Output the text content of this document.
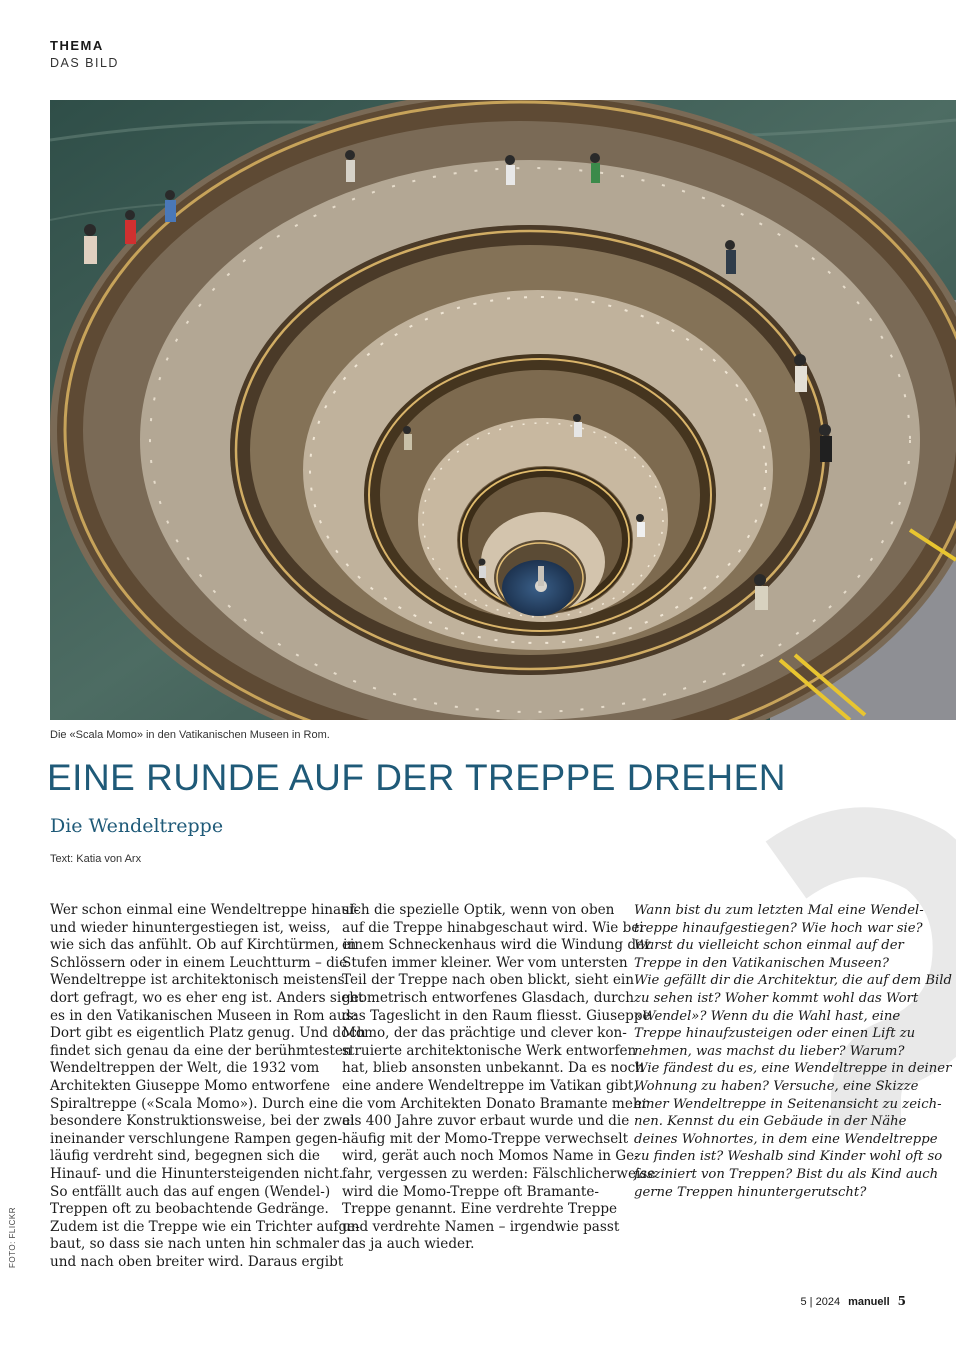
THEMA
DAS BILD
Die «Scala Momo» in den Vatikanischen Museen in Rom.
EINE RUNDE AUF DER TREPPE DREHEN
Die Wendeltreppe
Text: Katia von Arx
Wer schon einmal eine Wendeltreppe hinauf-
und wieder hinuntergestiegen ist, weiss,
wie sich das anfühlt. Ob auf Kirchtürmen, in
Schlössern oder in einem Leuchtturm – die
Wendeltreppe ist architektonisch meistens
dort gefragt, wo es eher eng ist. Anders sieht
es in den Vatikanischen Museen in Rom aus:
Dort gibt es eigentlich Platz genug. Und doch
findet sich genau da eine der berühmtesten
Wendeltreppen der Welt, die 1932 vom
Architekten Giuseppe Momo entworfene
Spiraltreppe («Scala Momo»). Durch eine
besondere Konstruktionsweise, bei der zwei
ineinander verschlungene Rampen gegen-
läufig verdreht sind, begegnen sich die
Hinauf- und die Hinuntersteigenden nicht.
So entfällt auch das auf engen (Wendel-)
Treppen oft zu beobachtende Gedränge.
Zudem ist die Treppe wie ein Trichter aufge-
baut, so dass sie nach unten hin schmaler
und nach oben breiter wird. Daraus ergibt
sich die spezielle Optik, wenn von oben
auf die Treppe hinabgeschaut wird. Wie bei
einem Schneckenhaus wird die Windung der
Stufen immer kleiner. Wer vom untersten
Teil der Treppe nach oben blickt, sieht ein
geometrisch entworfenes Glasdach, durch
das Tageslicht in den Raum fliesst. Giuseppe
Momo, der das prächtige und clever kon-
struierte architektonische Werk entworfen
hat, blieb ansonsten unbekannt. Da es noch
eine andere Wendeltreppe im Vatikan gibt,
die vom Architekten Donato Bramante mehr
als 400 Jahre zuvor erbaut wurde und die
häufig mit der Momo-Treppe verwechselt
wird, gerät auch noch Momos Name in Ge-
fahr, vergessen zu werden: Fälschlicherweise
wird die Momo-Treppe oft Bramante-
Treppe genannt. Eine verdrehte Treppe
und verdrehte Namen – irgendwie passt
das ja auch wieder.
Wann bist du zum letzten Mal eine Wendel-
treppe hinaufgestiegen? Wie hoch war sie?
Warst du vielleicht schon einmal auf der
Treppe in den Vatikanischen Museen?
Wie gefällt dir die Architektur, die auf dem Bild
zu sehen ist? Woher kommt wohl das Wort
«Wendel»? Wenn du die Wahl hast, eine
Treppe hinaufzusteigen oder einen Lift zu
nehmen, was machst du lieber? Warum?
Wie fändest du es, eine Wendeltreppe in deiner
Wohnung zu haben? Versuche, eine Skizze
einer Wendeltreppe in Seitenansicht zu zeich-
nen. Kennst du ein Gebäude in der Nähe
deines Wohnortes, in dem eine Wendeltreppe
zu finden ist? Weshalb sind Kinder wohl oft so
fasziniert von Treppen? Bist du als Kind auch
gerne Treppen hinuntergerutscht?
FOTO: FLICKR
5 | 2024 manuell 5
